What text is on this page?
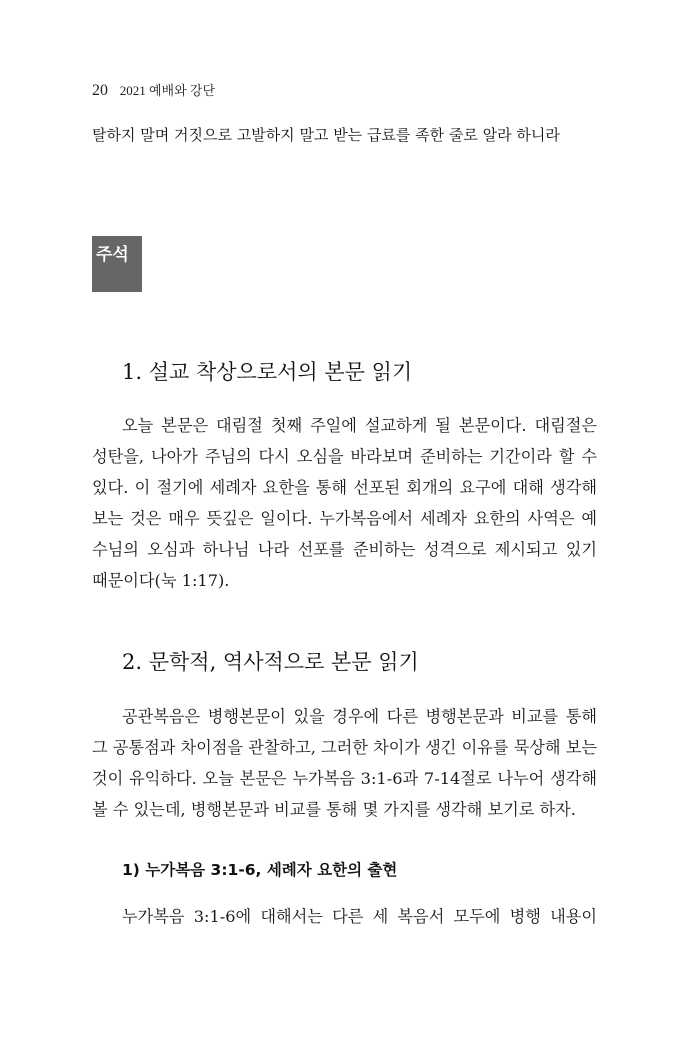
20 2021 예배와 강단
탈하지 말며 거짓으로 고발하지 말고 받는 급료를 족한 줄로 알라 하니라
주석
1. 설교 착상으로서의 본문 읽기
오늘 본문은 대림절 첫째 주일에 설교하게 될 본문이다. 대림절은
성탄을, 나아가 주님의 다시 오심을 바라보며 준비하는 기간이라 할 수
있다. 이 절기에 세례자 요한을 통해 선포된 회개의 요구에 대해 생각해
보는 것은 매우 뜻깊은 일이다. 누가복음에서 세례자 요한의 사역은 예
수님의 오심과 하나님 나라 선포를 준비하는 성격으로 제시되고 있기
때문이다(눅 1:17).
2. 문학적, 역사적으로 본문 읽기
공관복음은 병행본문이 있을 경우에 다른 병행본문과 비교를 통해
그 공통점과 차이점을 관찰하고, 그러한 차이가 생긴 이유를 묵상해 보는
것이 유익하다. 오늘 본문은 누가복음 3:1-6과 7-14절로 나누어 생각해
볼 수 있는데, 병행본문과 비교를 통해 몇 가지를 생각해 보기로 하자.
1) 누가복음 3:1-6, 세례자 요한의 출현
누가복음 3:1-6에 대해서는 다른 세 복음서 모두에 병행 내용이
